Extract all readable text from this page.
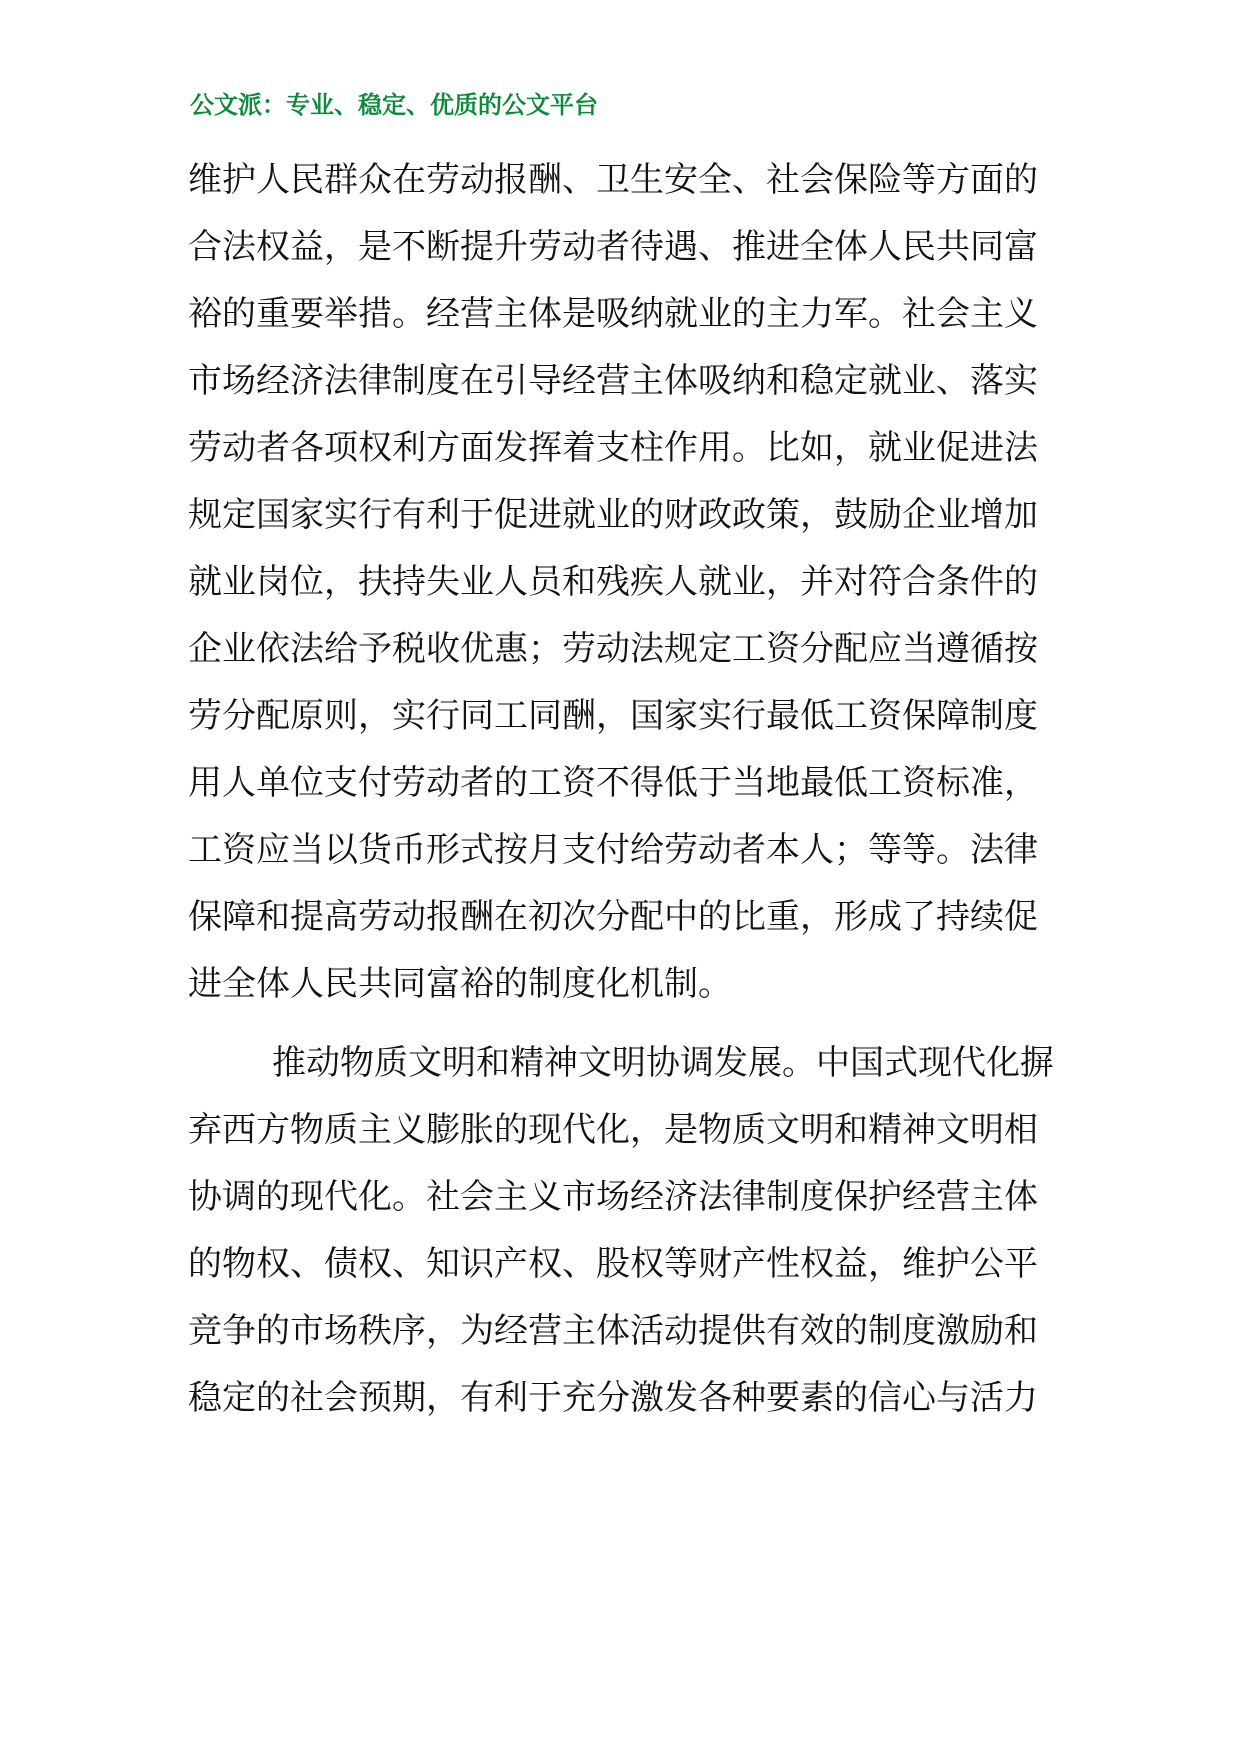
公文派：专业、稳定、优质的公文平台
维护人民群众在劳动报酬、卫生安全、社会保险等方面的
合法权益，是不断提升劳动者待遇、推进全体人民共同富
裕的重要举措。经营主体是吸纳就业的主力军。社会主义
市场经济法律制度在引导经营主体吸纳和稳定就业、落实
劳动者各项权利方面发挥着支柱作用。比如，就业促进法
规定国家实行有利于促进就业的财政政策，鼓励企业增加
就业岗位，扶持失业人员和残疾人就业，并对符合条件的
企业依法给予税收优惠；劳动法规定工资分配应当遵循按
劳分配原则，实行同工同酬，国家实行最低工资保障制度
用人单位支付劳动者的工资不得低于当地最低工资标准，
工资应当以货币形式按月支付给劳动者本人；等等。法律
保障和提高劳动报酬在初次分配中的比重，形成了持续促
进全体人民共同富裕的制度化机制。
推动物质文明和精神文明协调发展。中国式现代化摒
弃西方物质主义膨胀的现代化，是物质文明和精神文明相
协调的现代化。社会主义市场经济法律制度保护经营主体
的物权、债权、知识产权、股权等财产性权益，维护公平
竞争的市场秩序，为经营主体活动提供有效的制度激励和
稳定的社会预期，有利于充分激发各种要素的信心与活力
